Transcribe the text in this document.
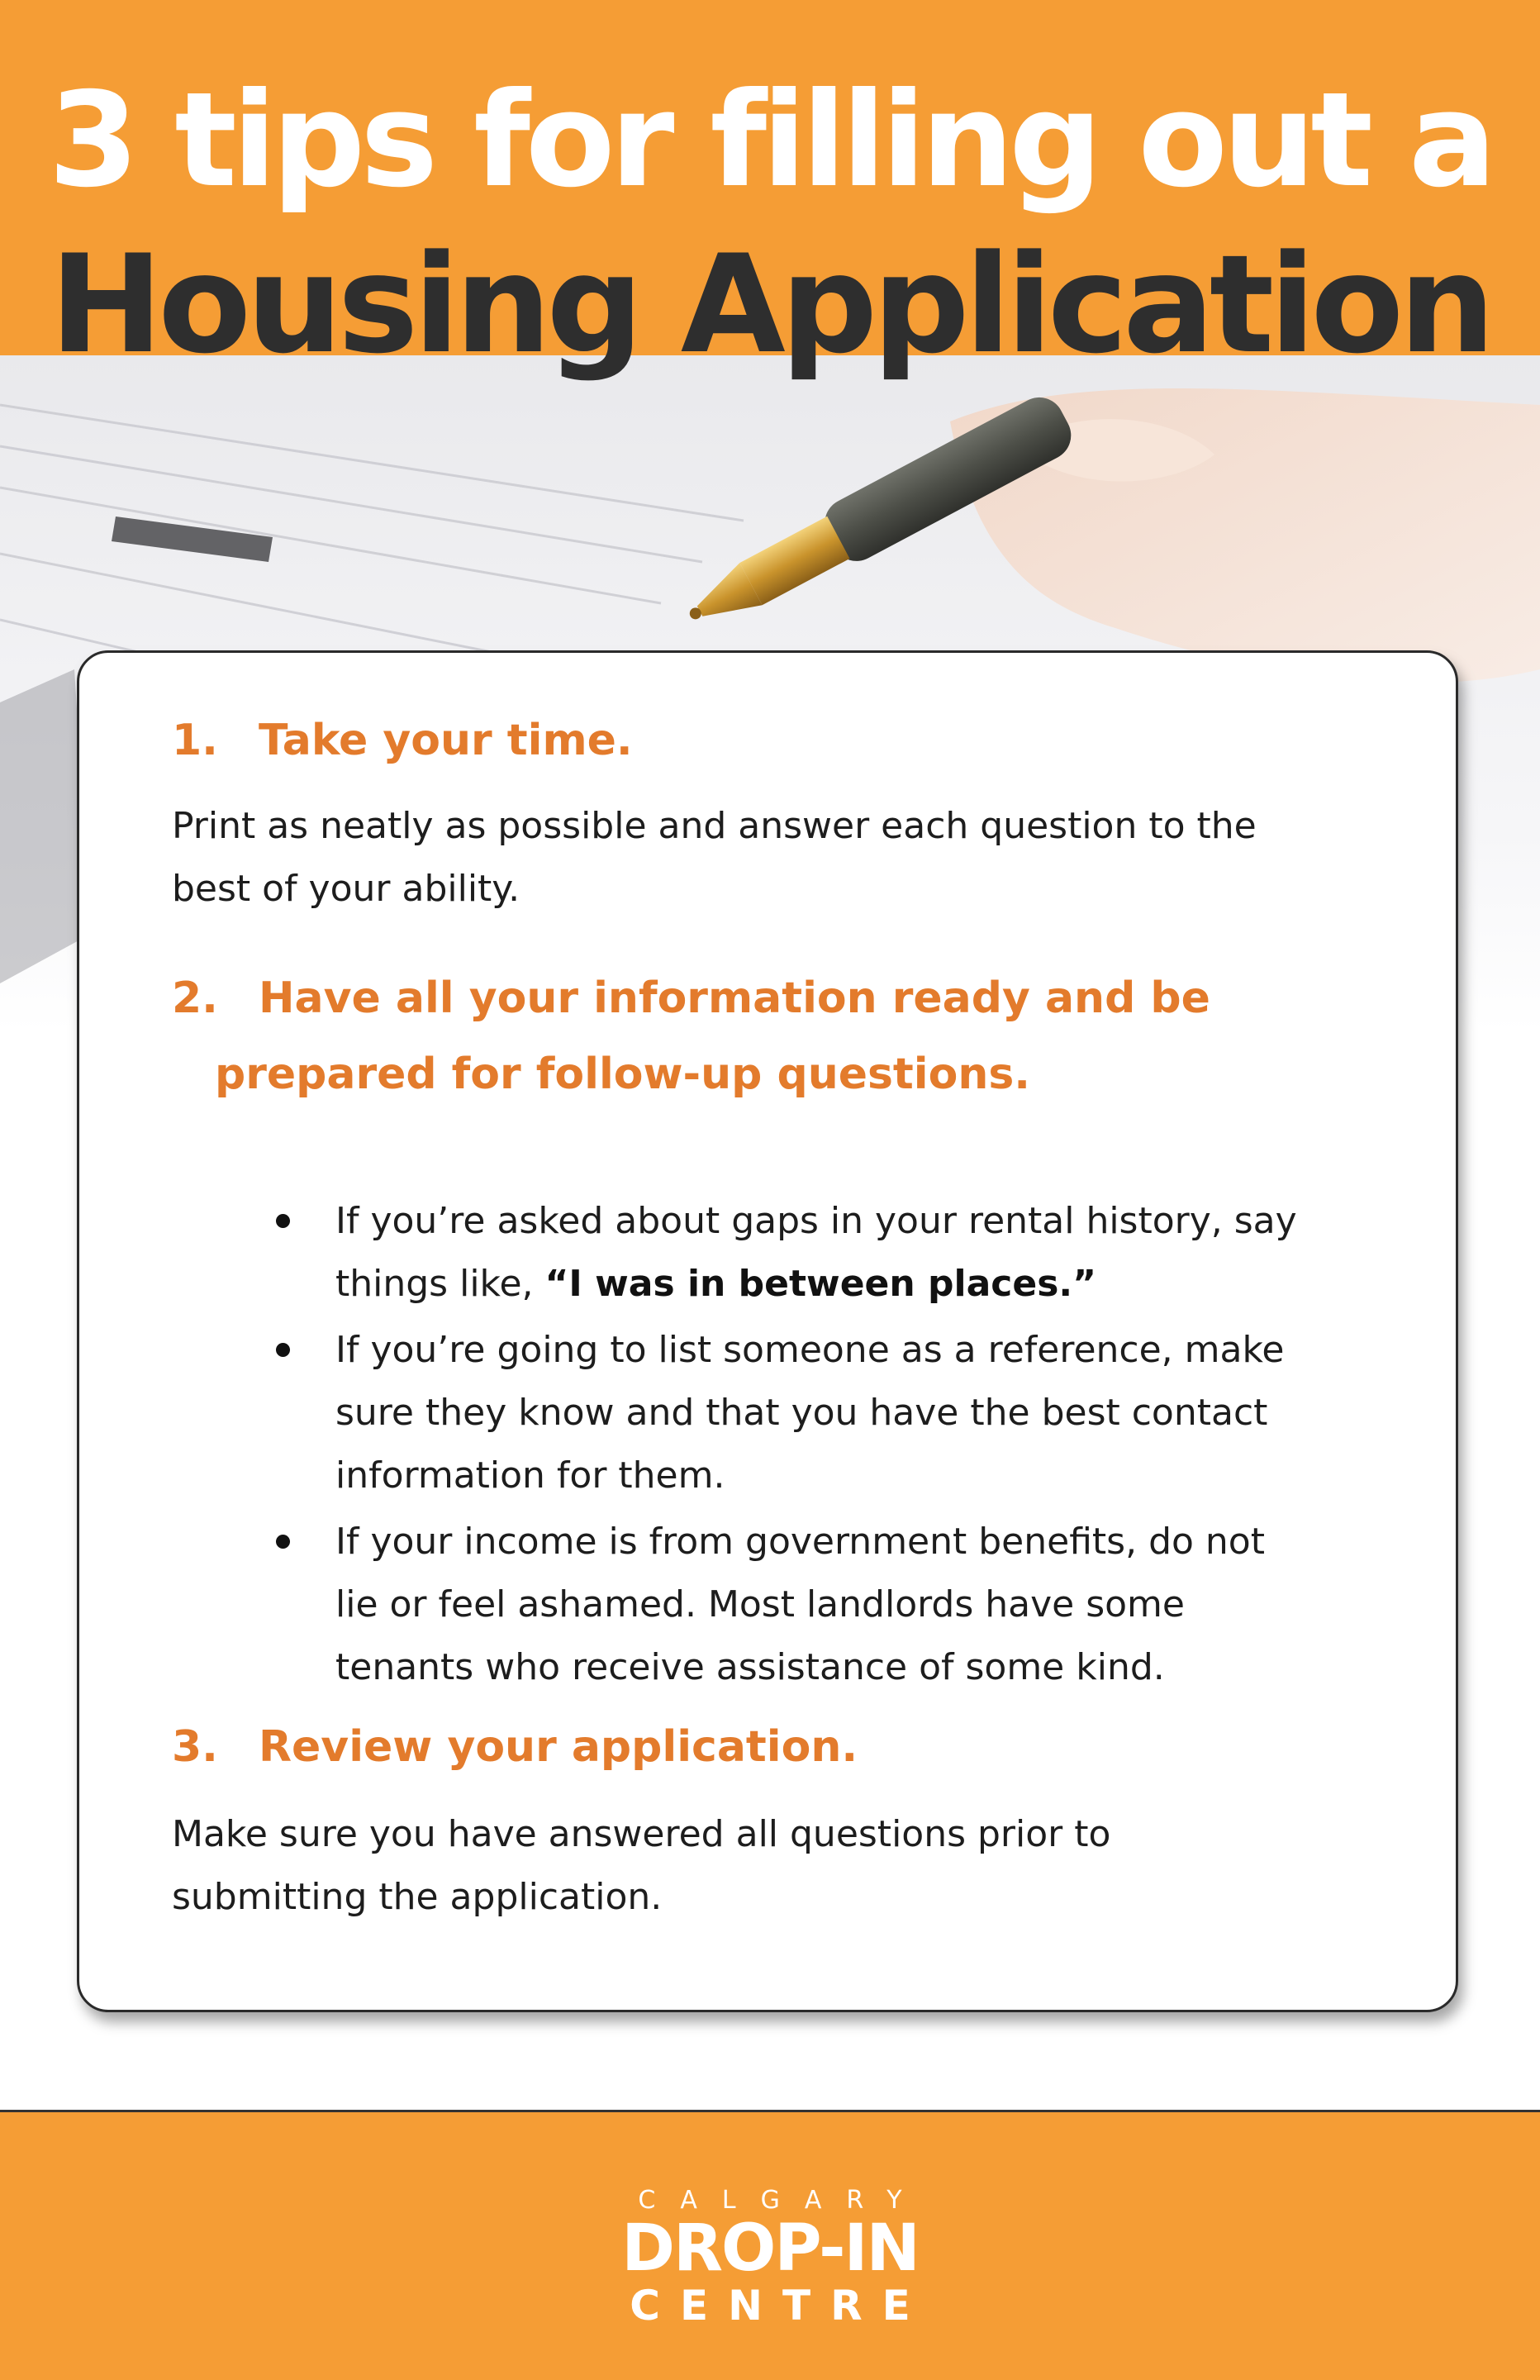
1. Take your time.

Print as neatly as possible and answer each question to the
best of your ability.

2. Have all your information ready and be
prepared for follow-up questions.
If you’re asked about gaps in your rental history, say
things like, “I was in between places.”
If you’re going to list someone as a reference, make
sure they know and that you have the best contact
information for them.
If your income is from government benefits, do not
lie or feel ashamed. Most landlords have some
tenants who receive assistance of some kind.
3. Review your application.

Make sure you have answered all questions prior to
submitting the application.

3 tips for filling out a
Housing Application
CALGARY
DROP-IN
CENTRE
